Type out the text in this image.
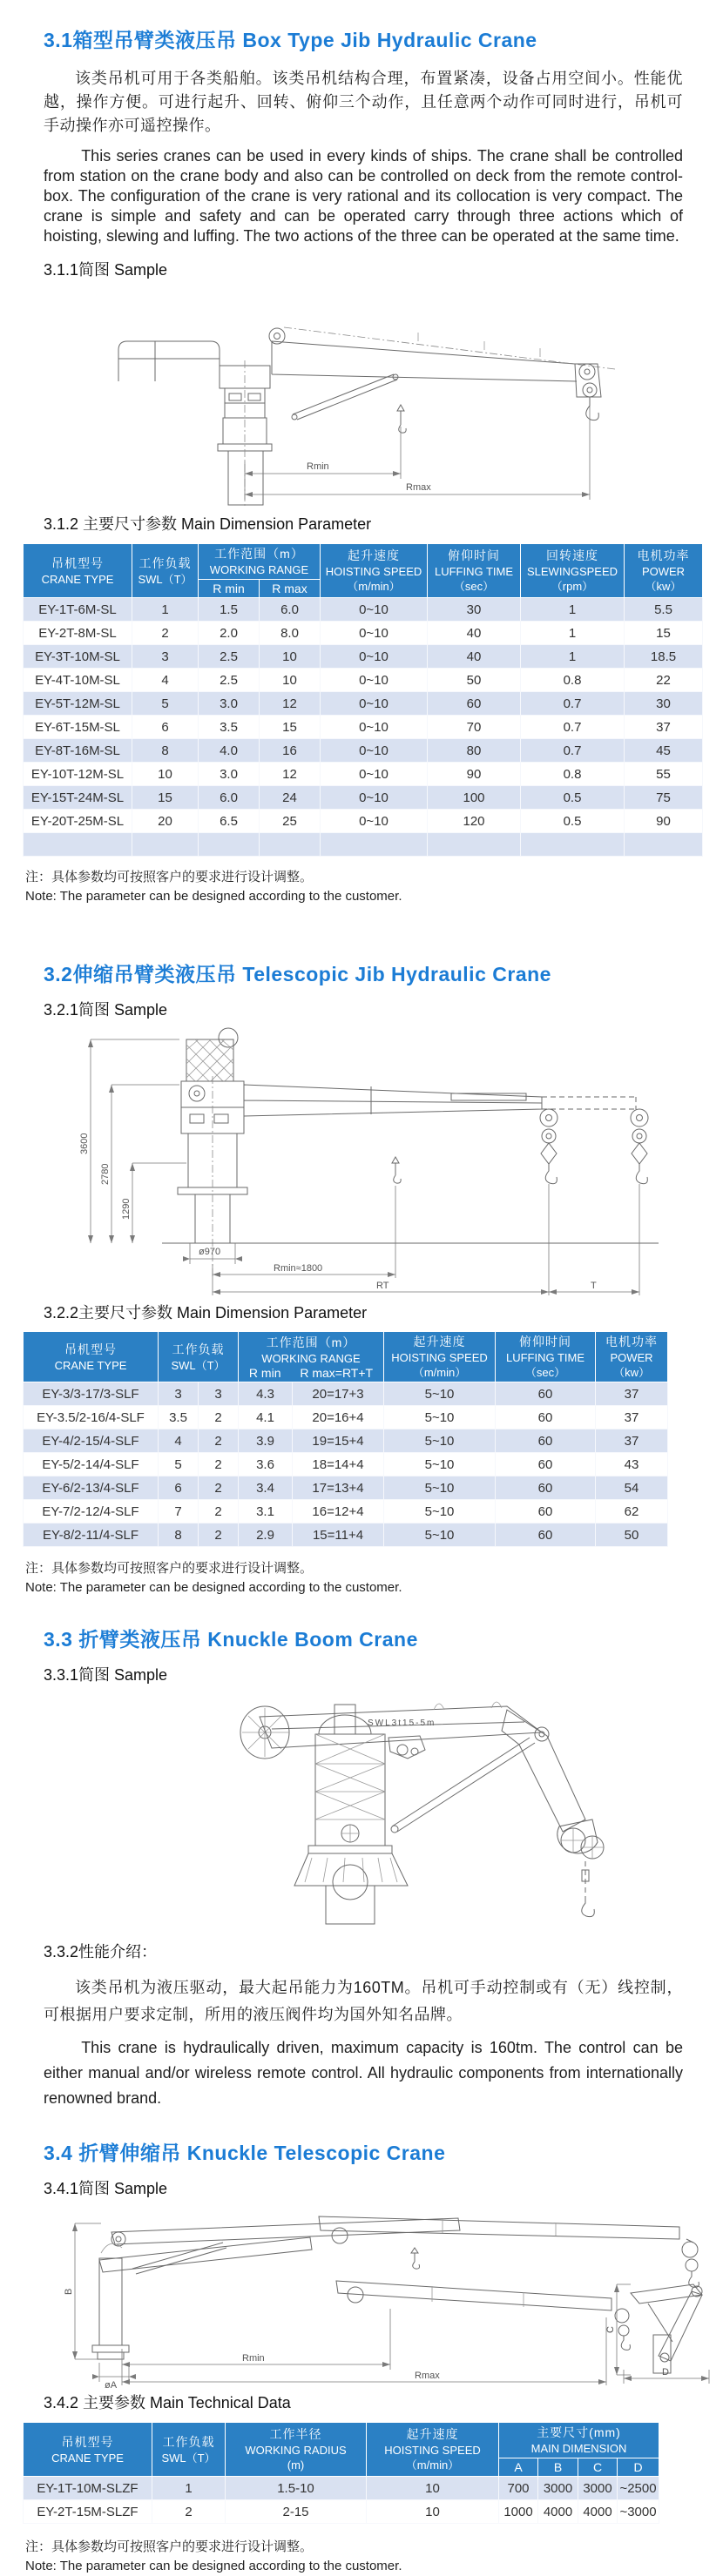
3.1箱型吊臂类液压吊 Box Type Jib Hydraulic Crane

该类吊机可用于各类船舶。该类吊机结构合理，布置紧凑，设备占用空间小。性能优越，操作方便。可进行起升、回转、俯仰三个动作，且任意两个动作可同时进行，吊机可手动操作亦可遥控操作。

This series cranes can be used in every kinds of ships. The crane shall be controlled from station on the crane body and also can be controlled on deck from the remote control-box. The configuration of the crane is very rational and its collocation is very compact. The crane is simple and safety and can be operated carry through three actions which of hoisting, slewing and luffing. The two actions of the three can be operated at the same time.

3.1.1简图 Sample
Rmin
Rmax
3.1.2 主要尺寸参数 Main Dimension Parameter
吊机型号
CRANE TYPE

工作负载
SWL（T）

工作范围（m）
WORKING RANGE

起升速度
HOISTING SPEED
（m/min）

俯仰时间
LUFFING TIME
（sec）

回转速度
SLEWINGSPEED
（rpm）

电机功率
POWER
（kw）

		R min	R max				
EY-1T-6M-SL	1	1.5	6.0	0~10	30	1	5.5
EY-2T-8M-SL	2	2.0	8.0	0~10	40	1	15
EY-3T-10M-SL	3	2.5	10	0~10	40	1	18.5
EY-4T-10M-SL	4	2.5	10	0~10	50	0.8	22
EY-5T-12M-SL	5	3.0	12	0~10	60	0.7	30
EY-6T-15M-SL	6	3.5	15	0~10	70	0.7	37
EY-8T-16M-SL	8	4.0	16	0~10	80	0.7	45
EY-10T-12M-SL	10	3.0	12	0~10	90	0.8	55
EY-15T-24M-SL	15	6.0	24	0~10	100	0.5	75
EY-20T-25M-SL	20	6.5	25	0~10	120	0.5	90

注：具体参数均可按照客户的要求进行设计调整。
Note: The parameter can be designed according to the customer.
3.2伸缩吊臂类液压吊 Telescopic Jib Hydraulic Crane
3.2.1简图 Sample
3600
2780
1290
ø970
Rmin≈1800
RT	T
3.2.2主要尺寸参数 Main Dimension Parameter
吊机型号
CRANE TYPE

工作负载
SWL（T）

工作范围（m）
WORKING RANGE
R min R max=RT+T

起升速度
HOISTING SPEED
（m/min）

俯仰时间
LUFFING TIME
（sec）

电机功率
POWER
（kw）

EY-3/3-17/3-SLF	3	3	4.3	20=17+3	5~10	60	37
EY-3.5/2-16/4-SLF	3.5	2	4.1	20=16+4	5~10	60	37
EY-4/2-15/4-SLF	4	2	3.9	19=15+4	5~10	60	37
EY-5/2-14/4-SLF	5	2	3.6	18=14+4	5~10	60	43
EY-6/2-13/4-SLF	6	2	3.4	17=13+4	5~10	60	54
EY-7/2-12/4-SLF	7	2	3.1	16=12+4	5~10	60	62
EY-8/2-11/4-SLF	8	2	2.9	15=11+4	5~10	60	50
注：具体参数均可按照客户的要求进行设计调整。
Note: The parameter can be designed according to the customer.
3.3 折臂类液压吊 Knuckle Boom Crane
3.3.1简图 Sample
SWL3t15-5m
3.3.2性能介绍：

该类吊机为液压驱动，最大起吊能力为160TM。吊机可手动控制或有（无）线控制，可根据用户要求定制，所用的液压阀件均为国外知名品牌。

This crane is hydraulically driven, maximum capacity is 160tm. The control can be either manual and/or wireless remote control. All hydraulic components from internationally renowned brand.

3.4 折臂伸缩吊 Knuckle Telescopic Crane
3.4.1简图 Sample
B
øA
C
D
Rmin
Rmax
3.4.2 主要参数 Main Technical Data
吊机型号
CRANE TYPE

工作负载
SWL（T）

工作半径
WORKING RADIUS
(m)

起升速度
HOISTING SPEED
（m/min）

主要尺寸(mm)
MAIN DIMENSION

				A	B	C	D
EY-1T-10M-SLZF	1	1.5-10	10	700	3000	3000	~2500
EY-2T-15M-SLZF	2	2-15	10	1000	4000	4000	~3000
注：具体参数均可按照客户的要求进行设计调整。
Note: The parameter can be designed according to the customer.
